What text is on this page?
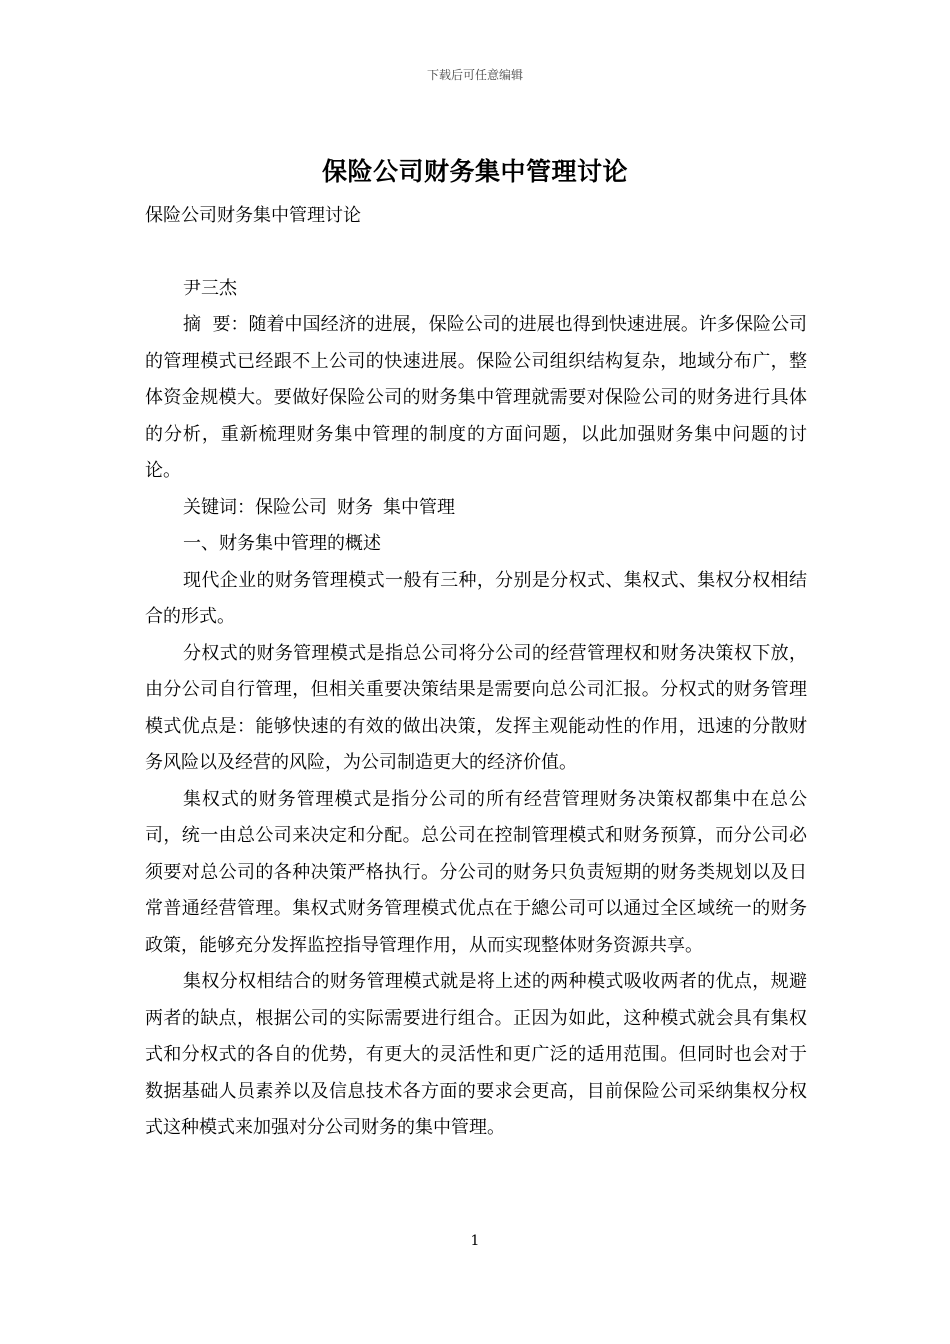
下载后可任意编辑
保险公司财务集中管理讨论

保险公司财务集中管理讨论

尹三杰

摘  要：随着中国经济的进展，保险公司的进展也得到快速进展。许多保险公司的管理模式已经跟不上公司的快速进展。保险公司组织结构复杂，地域分布广，整体资金规模大。要做好保险公司的财务集中管理就需要对保险公司的财务进行具体的分析，重新梳理财务集中管理的制度的方面问题，以此加强财务集中问题的讨论。

关键词：保险公司 财务 集中管理

一、财务集中管理的概述

现代企业的财务管理模式一般有三种，分别是分权式、集权式、集权分权相结合的形式。

分权式的财务管理模式是指总公司将分公司的经营管理权和财务决策权下放，由分公司自行管理，但相关重要决策结果是需要向总公司汇报。分权式的财务管理模式优点是：能够快速的有效的做出决策，发挥主观能动性的作用，迅速的分散财务风险以及经营的风险，为公司制造更大的经济价值。

集权式的财务管理模式是指分公司的所有经营管理财务决策权都集中在总公司，统一由总公司来决定和分配。总公司在控制管理模式和财务预算，而分公司必须要对总公司的各种决策严格执行。分公司的财务只负责短期的财务类规划以及日常普通经营管理。集权式财务管理模式优点在于總公司可以通过全区域统一的财务政策，能够充分发挥监控指导管理作用，从而实现整体财务资源共享。

集权分权相结合的财务管理模式就是将上述的两种模式吸收两者的优点，规避两者的缺点，根据公司的实际需要进行组合。正因为如此，这种模式就会具有集权式和分权式的各自的优势，有更大的灵活性和更广泛的适用范围。但同时也会对于数据基础人员素养以及信息技术各方面的要求会更高，目前保险公司采纳集权分权式这种模式来加强对分公司财务的集中管理。

1
